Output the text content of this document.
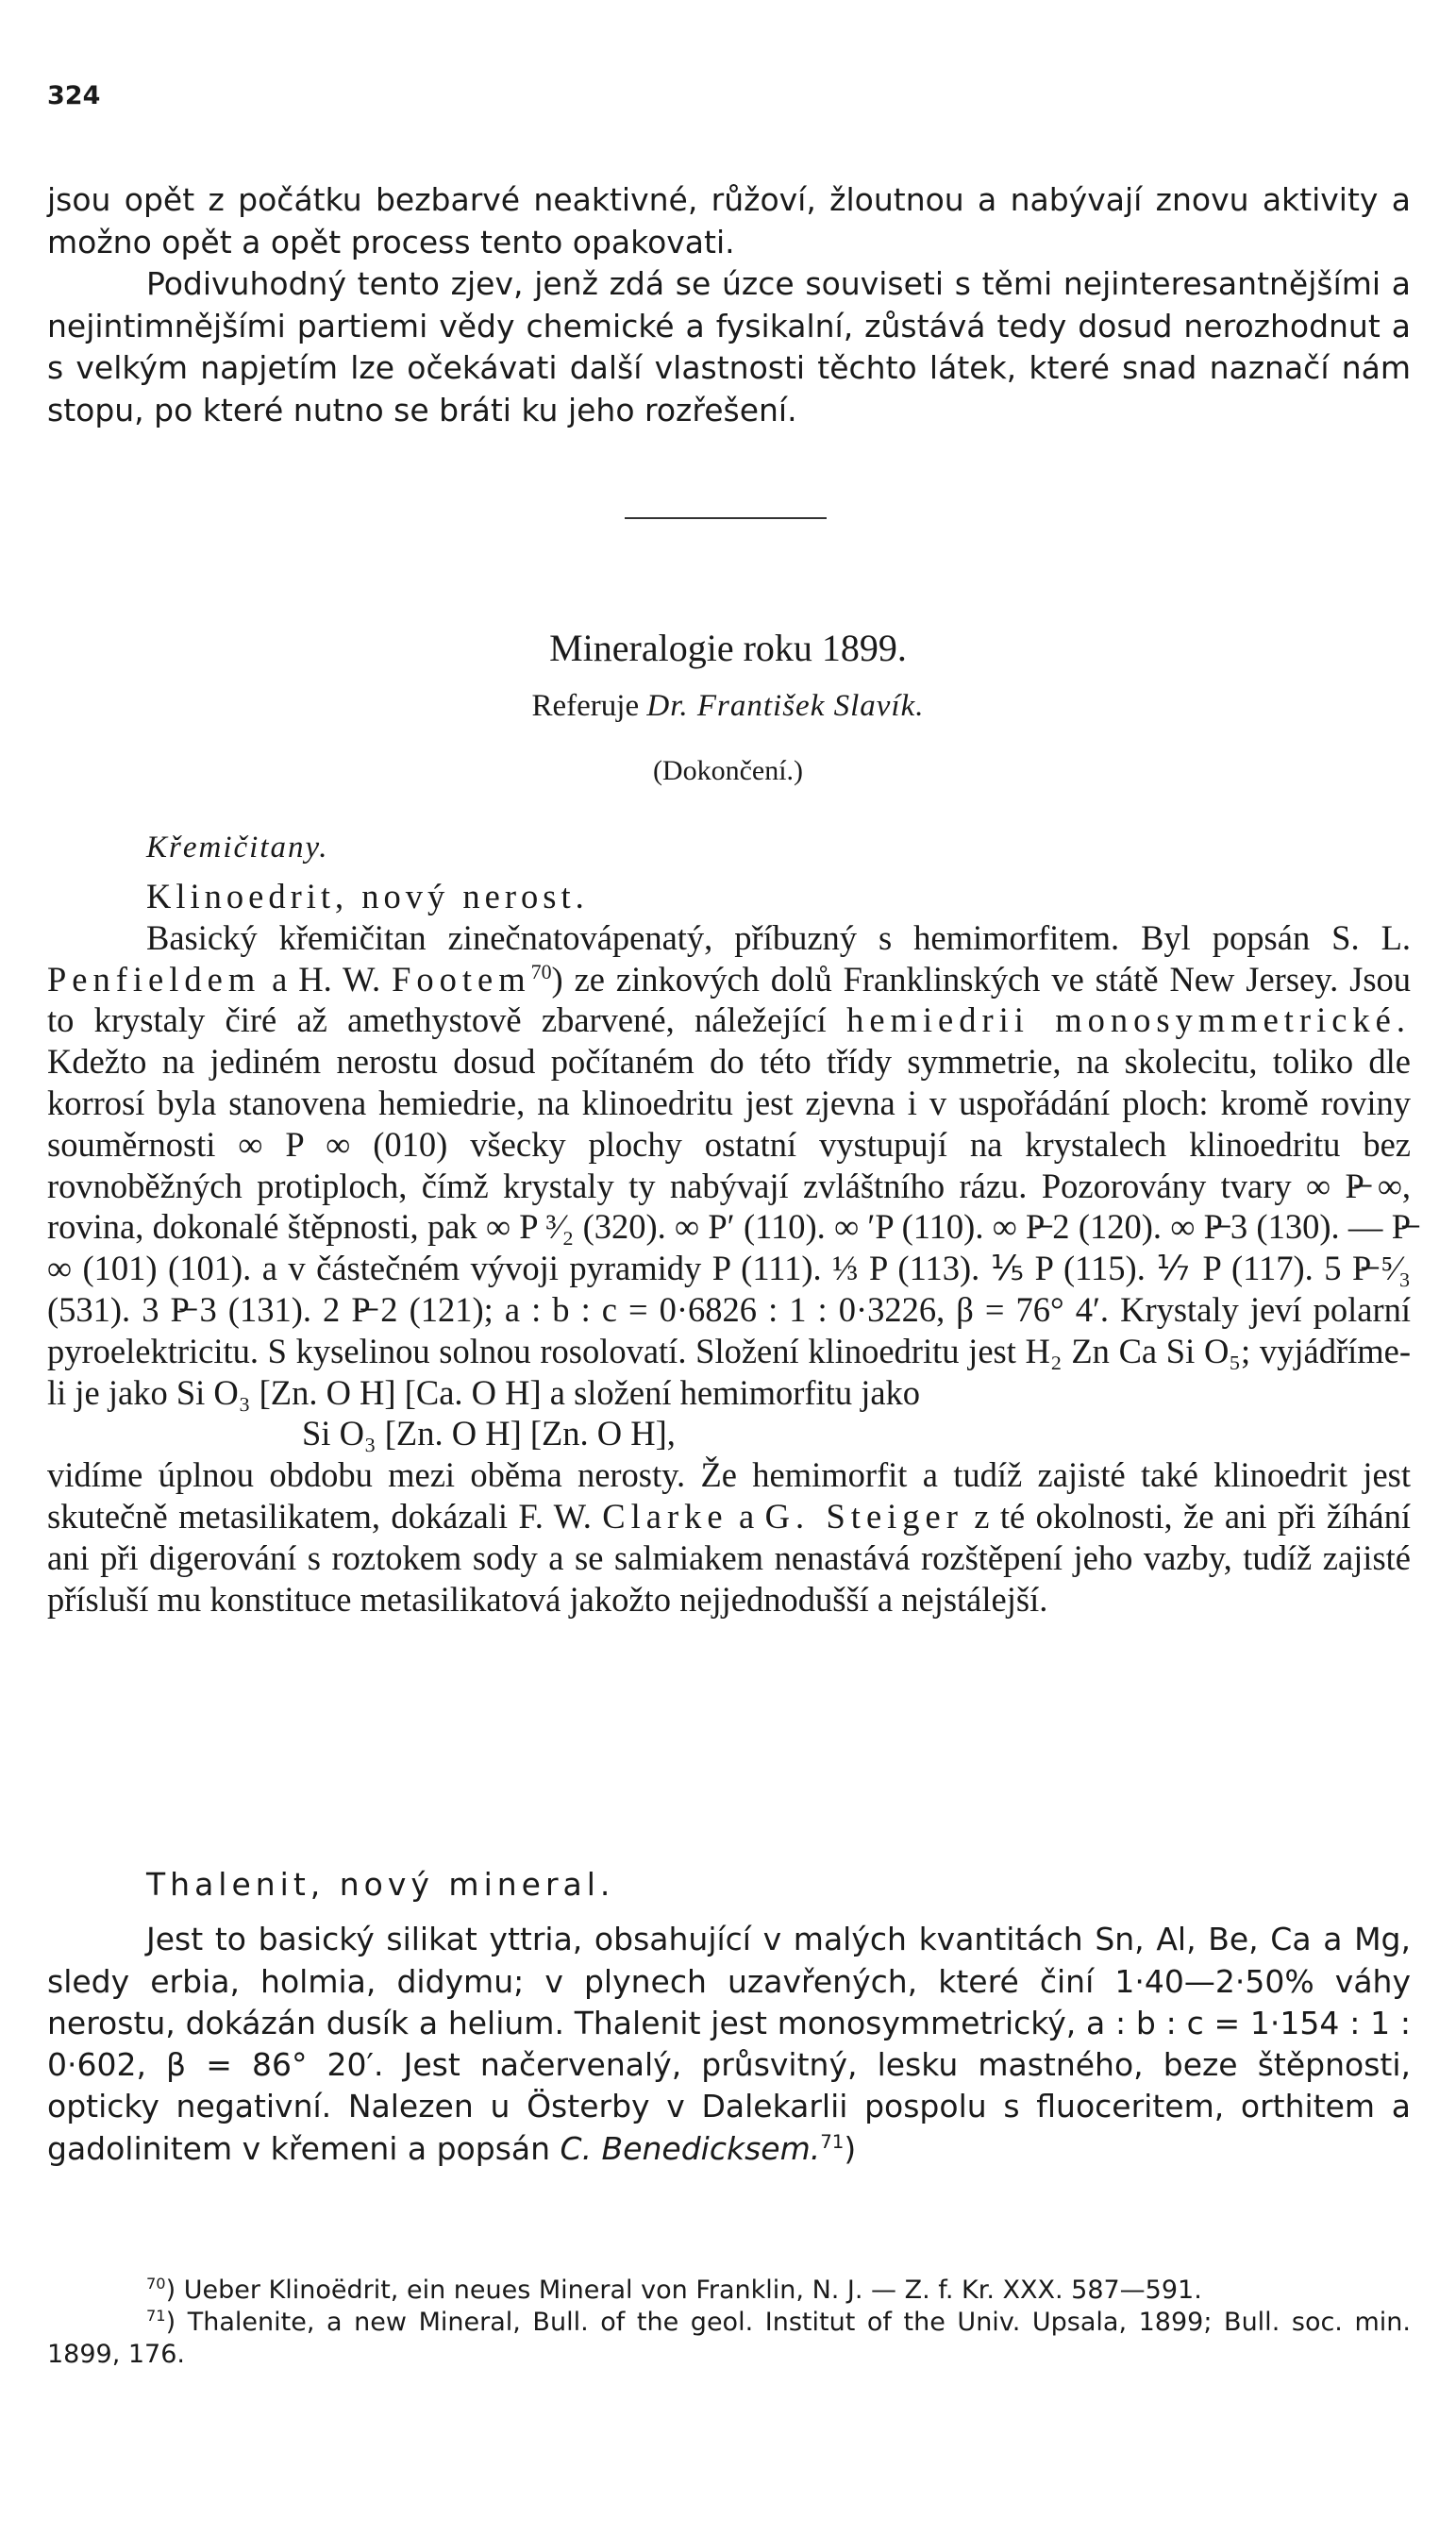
324

jsou opět z počátku bezbarvé neaktivné, růžoví, žloutnou a nabývají znovu aktivity a možno opět a opět process tento opakovati.

Podivuhodný tento zjev, jenž zdá se úzce souviseti s těmi nejinteresantnějšími a nejintimnějšími partiemi vědy chemické a fysikalní, zůstává tedy dosud nerozhodnut a s velkým napjetím lze očekávati další vlastnosti těchto látek, které snad naznačí nám stopu, po které nutno se bráti ku jeho rozřešení.

Mineralogie roku 1899.
Referuje Dr. František Slavík.
(Dokončení.)
Křemičitany.

Klinoedrit, nový nerost.

Basický křemičitan zinečnatovápenatý, příbuzný s hemimorfitem. Byl popsán S. L. Penfieldem a H. W. Footem$^{70}$) ze zinkových dolů Franklinských ve státě New Jersey. Jsou to krystaly čiré až amethystově zbarvené, náležející hemiedrii monosymmetrické. Kdežto na jediném nerostu dosud počítaném do této třídy symmetrie, na skolecitu, toliko dle korrosí byla stanovena hemiedrie, na klinoedritu jest zjevna i v uspořádání ploch: kromě roviny souměrnosti ∞ P ∞ (010) všecky plochy ostatní vystupují na krystalech klinoedritu bez rovnoběžných protiploch, čímž krystaly ty nabývají zvláštního rázu. Pozorovány tvary ∞ P̶ ∞, rovina, dokonalé štěpnosti, pak ∞ P ³⁄₂ (320). ∞ P′ (110). ∞ ′P (110). ∞ P̶ 2 (120). ∞ P̶ 3 (130). — P̶ ∞ (101) (101). a v částečném vývoji pyramidy P (111). ⅓ P (113). ⅕ P (115). ⅐ P (117). 5 P̶ ⁵⁄₃ (531). 3 P̶ 3 (131). 2 P̶ 2 (121); a : b : c = 0·6826 : 1 : 0·3226, β = 76° 4′. Krystaly jeví polarní pyroelektricitu. S kyselinou solnou rosolovatí. Složení klinoedritu jest H₂ Zn Ca Si O₅; vyjádříme-li je jako Si O₃ [Zn. O H] [Ca. O H] a složení hemimorfitu jako

Si O₃ [Zn. O H] [Zn. O H],

vidíme úplnou obdobu mezi oběma nerosty. Že hemimorfit a tudíž zajisté také klinoedrit jest skutečně metasilikatem, dokázali F. W. Clarke a G. Steiger z té okolnosti, že ani při žíhání ani při digerování s roztokem sody a se salmiakem nenastává rozštěpení jeho vazby, tudíž zajisté přísluší mu konstituce metasilikatová jakožto nejjednodušší a nejstálejší.

Thalenit, nový mineral.

Jest to basický silikat yttria, obsahující v malých kvantitách Sn, Al, Be, Ca a Mg, sledy erbia, holmia, didymu; v plynech uzavřených, které činí 1·40—2·50% váhy nerostu, dokázán dusík a helium. Thalenit jest monosymmetrický, a : b : c = 1·154 : 1 : 0·602, β = 86° 20′. Jest načervenalý, průsvitný, lesku mastného, beze štěpnosti, opticky negativní. Nalezen u Österby v Dalekarlii pospolu s fluoceritem, orthitem a gadolinitem v křemeni a popsán C. Benedicksem.$^{71}$)

$^{70}$) Ueber Klinoëdrit, ein neues Mineral von Franklin, N. J. — Z. f. Kr. XXX. 587—591.

$^{71}$) Thalenite, a new Mineral, Bull. of the geol. Institut of the Univ. Upsala, 1899; Bull. soc. min. 1899, 176.
